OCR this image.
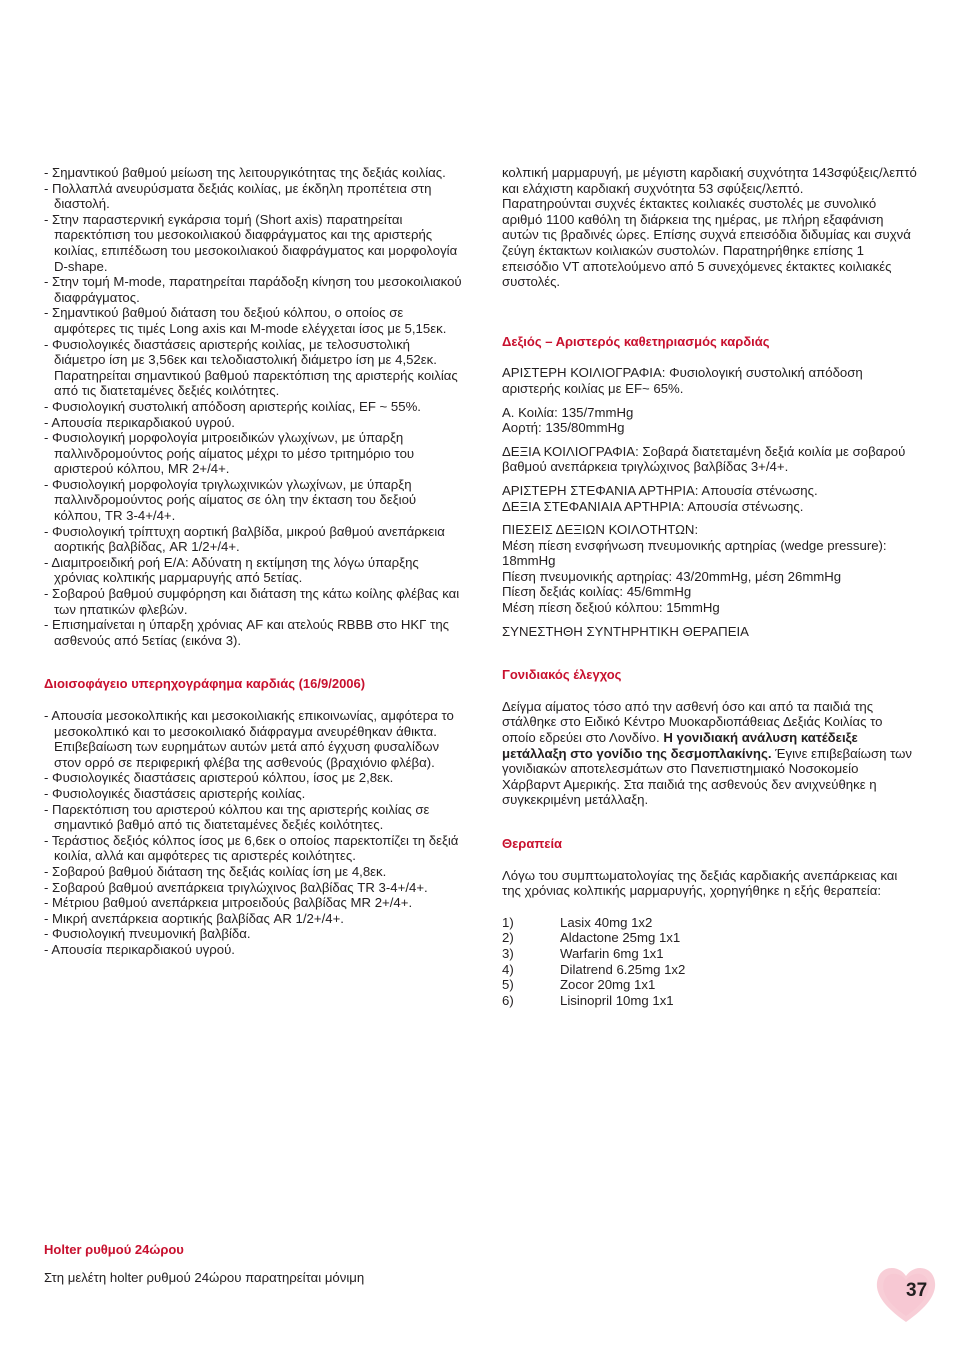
- Σημαντικού βαθμού μείωση της λειτουργικότητας της δεξιάς κοιλίας.

- Πολλαπλά ανευρύσματα δεξιάς κοιλίας, με έκδηλη προπέτεια στη διαστολή.

- Στην παραστερνική εγκάρσια τομή (Short axis) παρατηρείται παρεκτόπιση του μεσοκοιλιακού διαφράγματος και της αριστερής κοιλίας, επιπέδωση του μεσοκοιλιακού διαφράγματος και μορφολογία D-shape.

- Στην τομή M-mode, παρατηρείται παράδοξη κίνηση του μεσοκοιλιακού διαφράγματος.

- Σημαντικού βαθμού διάταση του δεξιού κόλπου, ο οποίος σε αμφότερες τις τιμές Long axis και M-mode ελέγχεται ίσος με 5,15εκ.

- Φυσιολογικές διαστάσεις αριστερής κοιλίας, με τελοσυστολική διάμετρο ίση με 3,56εκ και τελοδιαστολική διάμετρο ίση με 4,52εκ. Παρατηρείται σημαντικού βαθμού παρεκτόπιση της αριστερής κοιλίας από τις διατεταμένες δεξιές κοιλότητες.

- Φυσιολογική συστολική απόδοση αριστερής κοιλίας, EF ~ 55%.

- Απουσία περικαρδιακού υγρού.

- Φυσιολογική μορφολογία μιτροειδικών γλωχίνων, με ύπαρξη παλλινδρομούντος ροής αίματος μέχρι το μέσο τριτημόριο του αριστερού κόλπου, MR 2+/4+.

- Φυσιολογική μορφολογία τριγλωχινικών γλωχίνων, με ύπαρξη παλλινδρομούντος ροής αίματος σε όλη την έκταση του δεξιού κόλπου, TR 3-4+/4+.

- Φυσιολογική τρίπτυχη αορτική βαλβίδα, μικρού βαθμού ανεπάρκεια αορτικής βαλβίδας, AR 1/2+/4+.

- Διαμιτροειδική ροή Ε/Α: Αδύνατη η εκτίμηση της λόγω ύπαρξης χρόνιας κολπικής μαρμαρυγής από 5ετίας.

- Σοβαρού βαθμού συμφόρηση και διάταση της κάτω κοίλης φλέβας και των ηπατικών φλεβών.

- Επισημαίνεται η ύπαρξη χρόνιας AF και ατελούς RBBB στο ΗΚΓ της ασθενούς από 5ετίας (εικόνα 3).

Διοισοφάγειο υπερηχογράφημα καρδιάς (16/9/2006)

- Απουσία μεσοκολπικής και μεσοκοιλιακής επικοινωνίας, αμφότερα το μεσοκολπικό και το μεσοκοιλιακό διάφραγμα ανευρέθηκαν άθικτα. Επιβεβαίωση των ευρημάτων αυτών μετά από έγχυση φυσαλίδων στον ορρό σε περιφερική φλέβα της ασθενούς (βραχιόνιο φλέβα).

- Φυσιολογικές διαστάσεις αριστερού κόλπου, ίσος με 2,8εκ.

- Φυσιολογικές διαστάσεις αριστερής κοιλίας.

- Παρεκτόπιση του αριστερού κόλπου και της αριστερής κοιλίας σε σημαντικό βαθμό από τις διατεταμένες δεξιές κοιλότητες.

- Τεράστιος δεξιός κόλπος ίσος με 6,6εκ ο οποίος παρεκτοπίζει τη δεξιά κοιλία, αλλά και αμφότερες τις αριστερές κοιλότητες.

- Σοβαρού βαθμού διάταση της δεξιάς κοιλίας ίση με 4,8εκ.

- Σοβαρού βαθμού ανεπάρκεια τριγλώχινος βαλβίδας TR 3-4+/4+.

- Μέτριου βαθμού ανεπάρκεια μιτροειδούς βαλβίδας MR 2+/4+.

- Μικρή ανεπάρκεια αορτικής βαλβίδας AR 1/2+/4+.

- Φυσιολογική πνευμονική βαλβίδα.

- Απουσία περικαρδιακού υγρού.

Holter ρυθμού 24ώρου

Στη μελέτη holter ρυθμού 24ώρου παρατηρείται μόνιμη

κολπική μαρμαρυγή, με μέγιστη καρδιακή συχνότητα 143σφύξεις/λεπτό και ελάχιστη καρδιακή συχνότητα 53 σφύξεις/λεπτό.

Παρατηρούνται συχνές έκτακτες κοιλιακές συστολές με συνολικό αριθμό 1100 καθόλη τη διάρκεια της ημέρας, με πλήρη εξαφάνιση αυτών τις βραδινές ώρες. Επίσης συχνά επεισόδια διδυμίας και συχνά ζεύγη έκτακτων κοιλιακών συστολών. Παρατηρήθηκε επίσης 1 επεισόδιο VT αποτελούμενο από 5 συνεχόμενες έκτακτες κοιλιακές συστολές.

Δεξιός – Αριστερός καθετηριασμός καρδιάς

ΑΡΙΣΤΕΡΗ ΚΟΙΛΙΟΓΡΑΦΙΑ: Φυσιολογική συστολική απόδοση αριστερής κοιλίας με EF~ 65%.

Α. Κοιλία: 135/7mmHg

Αορτή: 135/80mmHg

ΔΕΞΙΑ ΚΟΙΛΙΟΓΡΑΦΙΑ: Σοβαρά διατεταμένη δεξιά κοιλία με σοβαρού βαθμού ανεπάρκεια τριγλώχινος βαλβίδας 3+/4+.

ΑΡΙΣΤΕΡΗ ΣΤΕΦΑΝΙΑ ΑΡΤΗΡΙΑ: Απουσία στένωσης.

ΔΕΞΙΑ ΣΤΕΦΑΝΙΑΙΑ ΑΡΤΗΡΙΑ: Απουσία στένωσης.

ΠΙΕΣΕΙΣ ΔΕΞΙΩΝ ΚΟΙΛΟΤΗΤΩΝ:

Μέση πίεση ενσφήνωση πνευμονικής αρτηρίας (wedge pressure): 18mmHg

Πίεση πνευμονικής αρτηρίας: 43/20mmHg, μέση 26mmHg

Πίεση δεξιάς κοιλίας: 45/6mmHg

Μέση πίεση δεξιού κόλπου: 15mmHg

ΣΥΝΕΣΤΗΘΗ ΣΥΝΤΗΡΗΤΙΚΗ ΘΕΡΑΠΕΙΑ

Γονιδιακός έλεγχος

Δείγμα αίματος τόσο από την ασθενή όσο και από τα παιδιά της στάλθηκε στο Ειδικό Κέντρο Μυοκαρδιοπάθειας Δεξιάς Κοιλίας το οποίο εδρεύει στο Λονδίνο. Η γονιδιακή ανάλυση κατέδειξε μετάλλαξη στο γονίδιο της δεσμοπλακίνης. Έγινε επιβεβαίωση των γονιδιακών αποτελεσμάτων στο Πανεπιστημιακό Νοσοκομείο Χάρβαρντ Αμερικής. Στα παιδιά της ασθενούς δεν ανιχνεύθηκε η συγκεκριμένη μετάλλαξη.

Θεραπεία

Λόγω του συμπτωματολογίας της δεξιάς καρδιακής ανεπάρκειας και της χρόνιας κολπικής μαρμαρυγής, χορηγήθηκε η εξής θεραπεία:

1)	Lasix 40mg 1x2
2)	Aldactone 25mg 1x1
3)	Warfarin 6mg 1x1
4)	Dilatrend 6.25mg 1x2
5)	Zocor 20mg 1x1
6)	Lisinopril 10mg 1x1
37
